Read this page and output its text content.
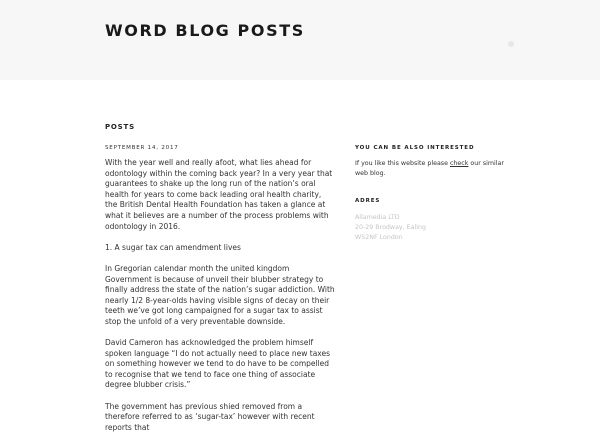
WORD BLOG POSTS
POSTS
SEPTEMBER 14, 2017

With the year well and really afoot, what lies ahead for odontology within the coming back year? In a very year that guarantees to shake up the long run of the nation’s oral health for years to come back leading oral health charity, the British Dental Health Foundation has taken a glance at what it believes are a number of the process problems with odontology in 2016.

1. A sugar tax can amendment lives

In Gregorian calendar month the united kingdom Government is because of unveil their blubber strategy to finally address the state of the nation’s sugar addiction. With nearly 1/2 8-year-olds having visible signs of decay on their teeth we’ve got long campaigned for a sugar tax to assist stop the unfold of a very preventable downside.

David Cameron has acknowledged the problem himself spoken language “I do not actually need to place new taxes on something however we tend to do have to be compelled to recognise that we tend to face one thing of associate degree blubber crisis.”

The government has previous shied removed from a therefore referred to as ‘sugar-tax’ however with recent reports that

YOU CAN BE ALSO INTERESTED
If you like this website please check our similar web blog.
ADRES
Allamedia LTD
20-29 Brodway, Ealing
W52NF London
